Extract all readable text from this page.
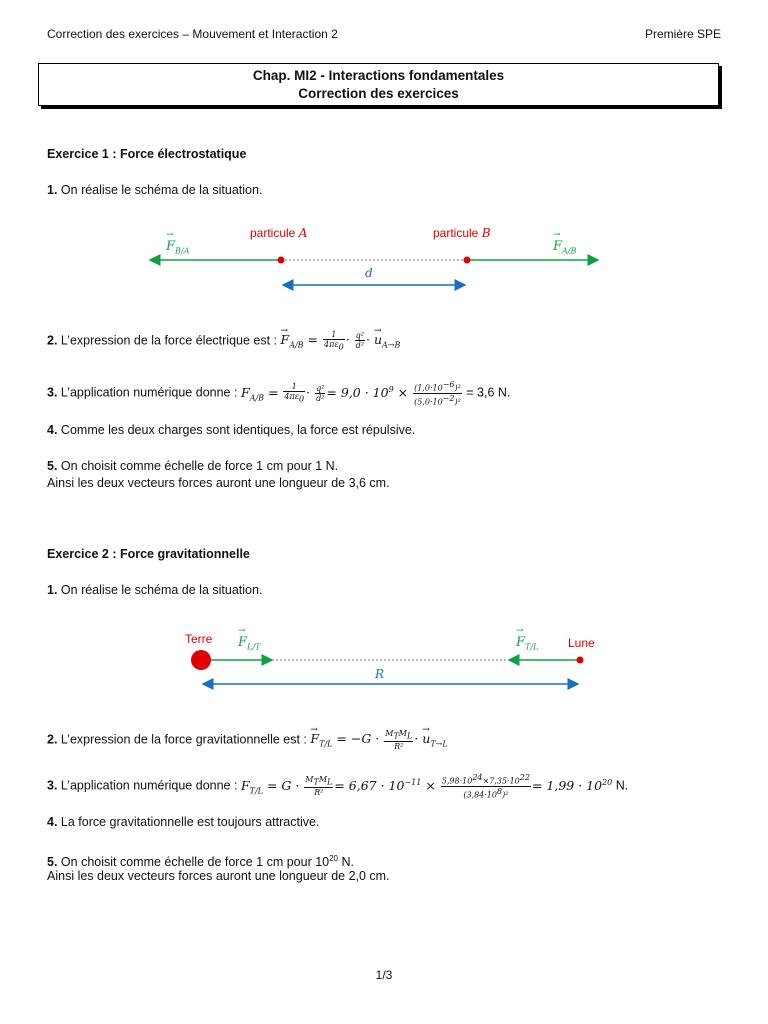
Correction des exercices – Mouvement et Interaction 2	Première SPE
Chap. MI2 - Interactions fondamentales
Correction des exercices
Exercice 1 : Force électrostatique
1. On réalise le schéma de la situation.
particule A	particule B
→ $F_{B/A}$	→ $F_{A/B}$
d
2. L’expression de la force électrique est : → $F_{A/B} = \frac{1}{4\pi\varepsilon_0} \cdot \frac{\text{q²}}{\text{d²}}$ · → $u_{A\to B}$
3. L’application numérique donne : $F_{A/B} = \frac{1}{4\pi\varepsilon_0} \cdot \frac{\text{q²}}{\text{d²}} = 9,0 \cdot 10^9 \times \frac{(1,0\cdot 10^{-6})^2}{(5,0\cdot 10^{-2})^2} = 3,6$ N.
4. Comme les deux charges sont identiques, la force est répulsive.
5. On choisit comme échelle de force 1 cm pour 1 N.
Ainsi les deux vecteurs forces auront une longueur de 3,6 cm.
Exercice 2 : Force gravitationnelle
1. On réalise le schéma de la situation.
Terre	Lune
→ $F_{L/T}$	→ $F_{T/L}$
R
2. L’expression de la force gravitationnelle est : → $F_{T/L} = -G \cdot \frac{M_TM_L}{\text{R²}}$ · → $u_{T\to L}$
3. L’application numérique donne : $F_{T/L} = G \cdot \frac{M_TM_L}{\text{R²}} = 6,67 \cdot 10^{-11} \times \frac{5,98\cdot 10^{24}\times 7,35\cdot 10^{22}}{(3,84\cdot 10^8)^2} = 1,99 \cdot 10^{20}$ N.
4. La force gravitationnelle est toujours attractive.
5. On choisit comme échelle de force 1 cm pour $10^{20}$ N.
Ainsi les deux vecteurs forces auront une longueur de 2,0 cm.
1/3
